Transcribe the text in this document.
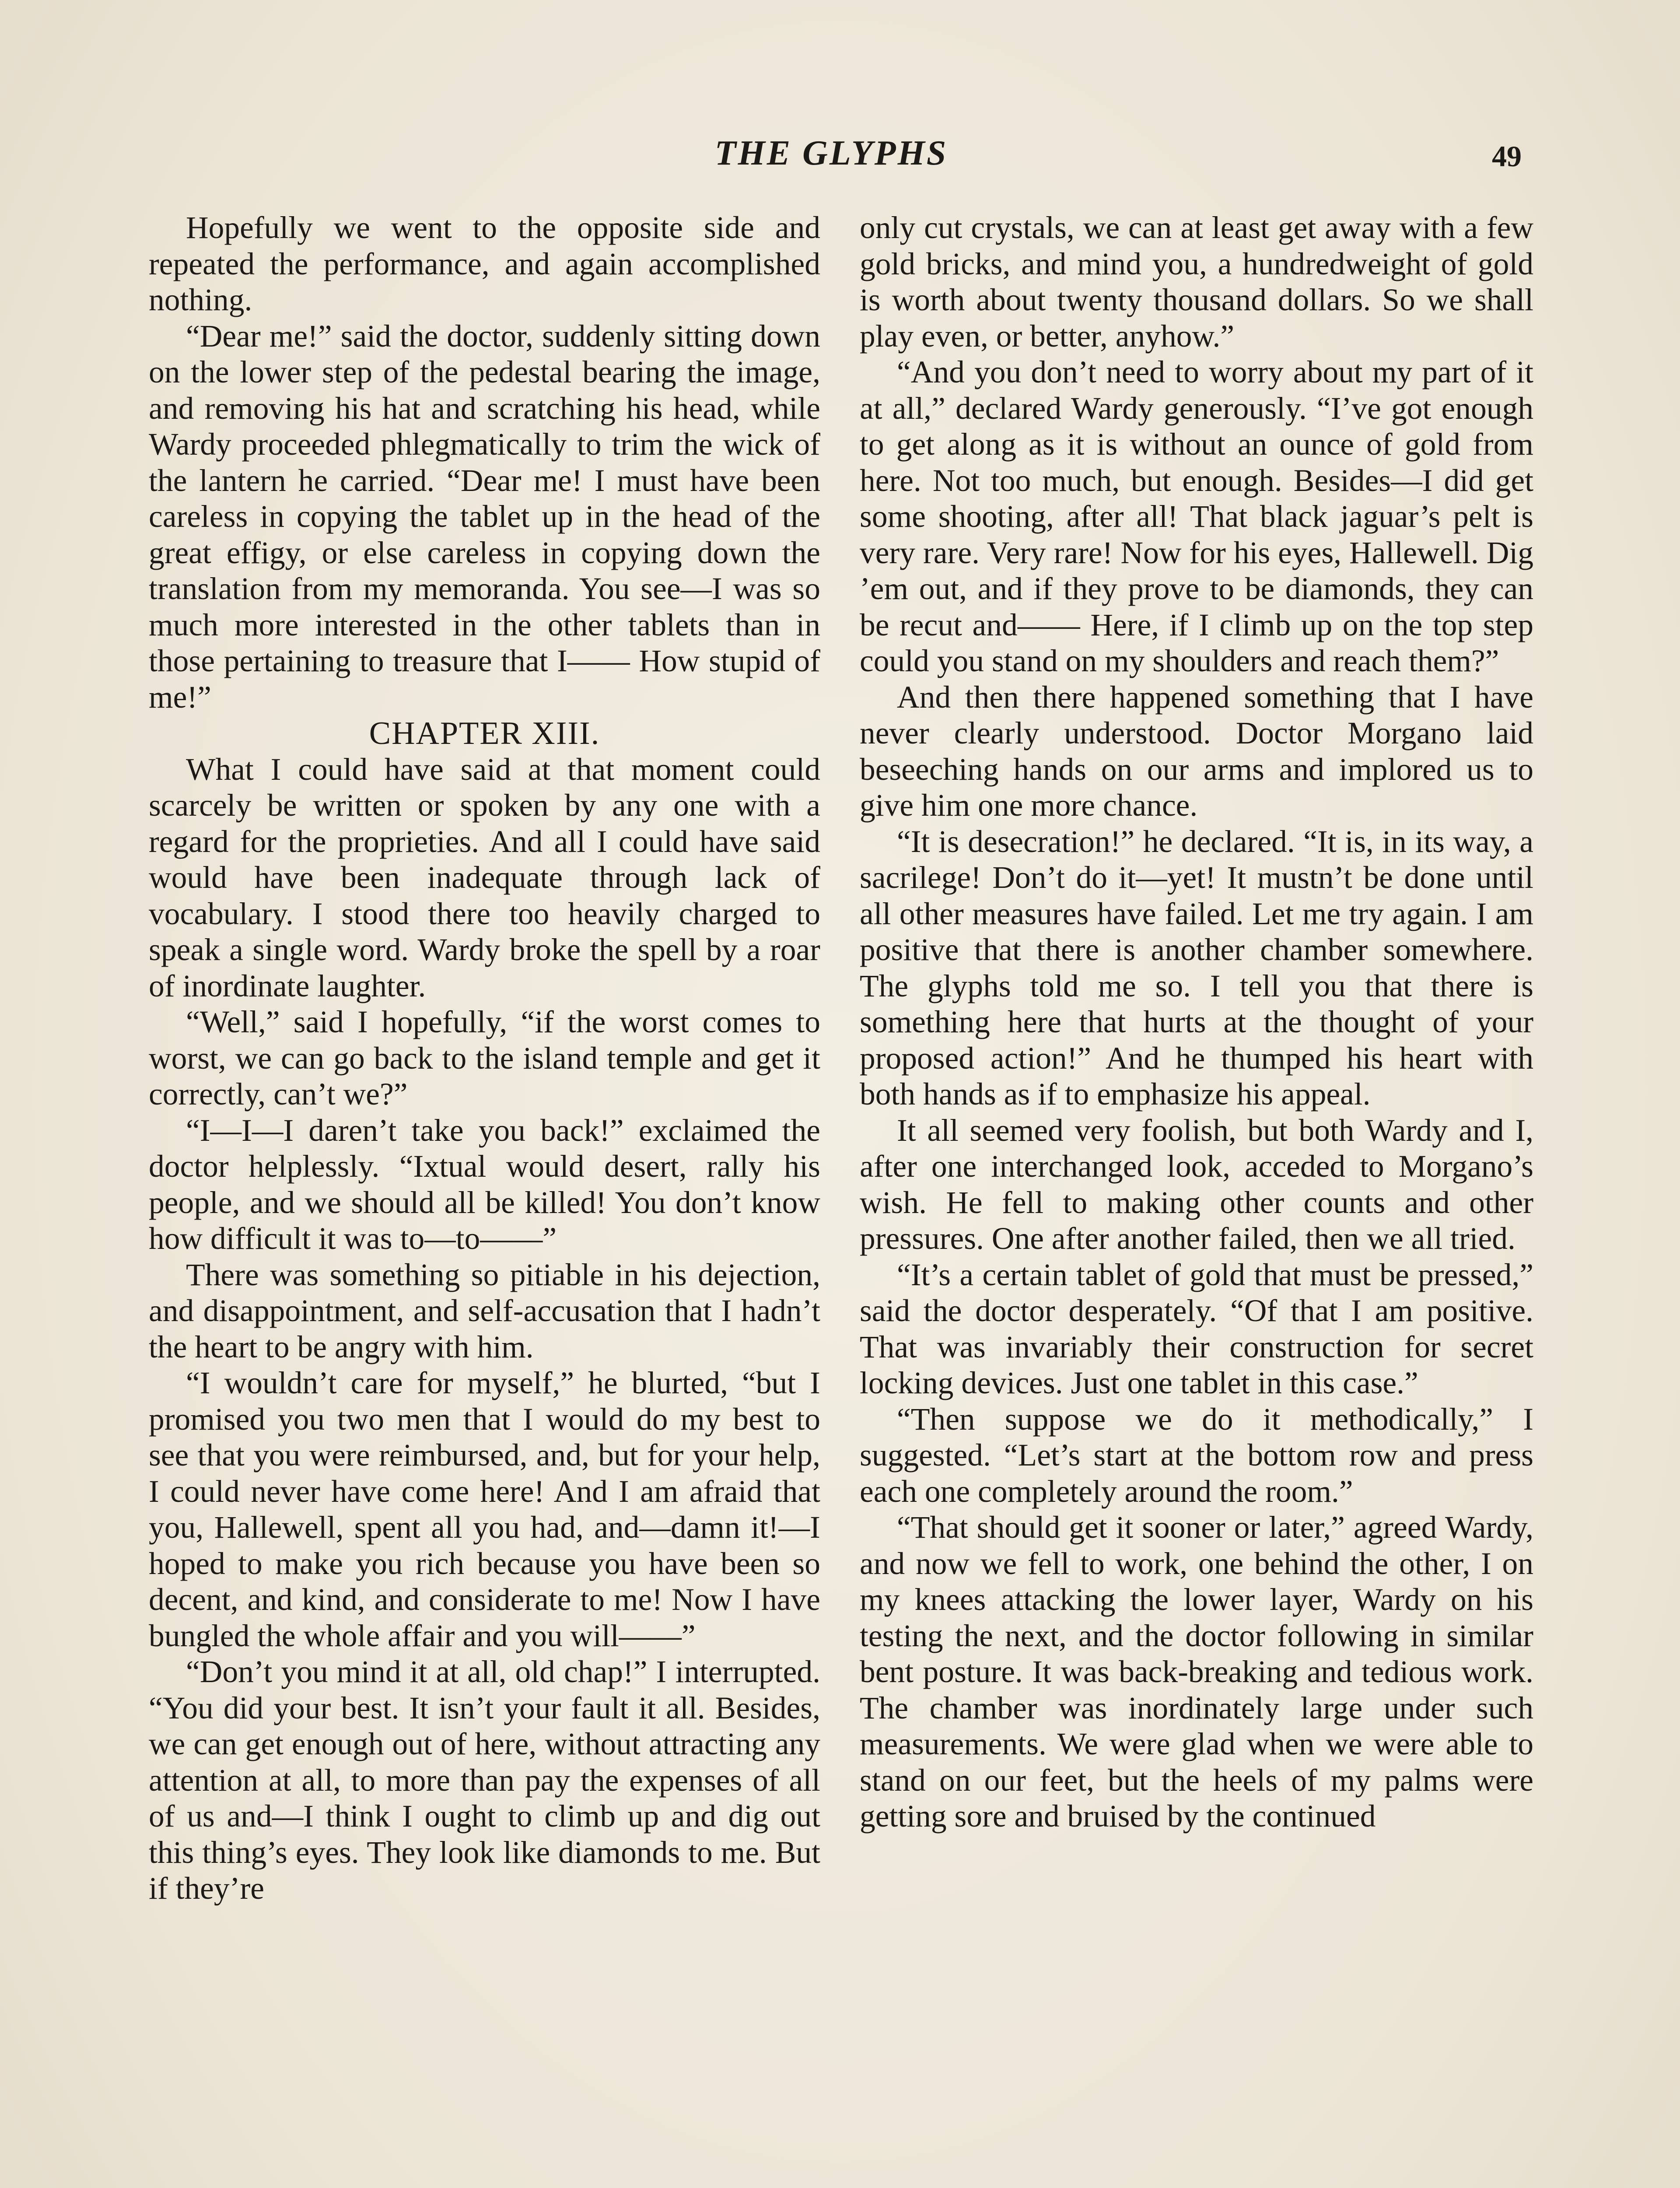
THE GLYPHS	49

Hopefully we went to the opposite side and repeated the performance, and again accomplished nothing.

“Dear me!” said the doctor, suddenly sitting down on the lower step of the pedestal bearing the image, and removing his hat and scratching his head, while Wardy proceeded phlegmatically to trim the wick of the lantern he carried. “Dear me! I must have been careless in copying the tablet up in the head of the great effigy, or else careless in copying down the translation from my memoranda. You see—I was so much more interested in the other tablets than in those pertaining to treasure that I—— How stupid of me!”

CHAPTER XIII.

What I could have said at that moment could scarcely be written or spoken by any one with a regard for the proprieties. And all I could have said would have been inadequate through lack of vocabulary. I stood there too heavily charged to speak a single word. Wardy broke the spell by a roar of inordinate laughter.

“Well,” said I hopefully, “if the worst comes to worst, we can go back to the island temple and get it correctly, can’t we?”

“I—I—I daren’t take you back!” exclaimed the doctor helplessly. “Ixtual would desert, rally his people, and we should all be killed! You don’t know how difficult it was to—to——”

There was something so pitiable in his dejection, and disappointment, and self-accusation that I hadn’t the heart to be angry with him.

“I wouldn’t care for myself,” he blurted, “but I promised you two men that I would do my best to see that you were reimbursed, and, but for your help, I could never have come here! And I am afraid that you, Hallewell, spent all you had, and—damn it!—I hoped to make you rich because you have been so decent, and kind, and considerate to me! Now I have bungled the whole affair and you will——”

“Don’t you mind it at all, old chap!” I interrupted. “You did your best. It isn’t your fault it all. Besides, we can get enough out of here, without attracting any attention at all, to more than pay the expenses of all of us and—I think I ought to climb up and dig out this thing’s eyes. They look like diamonds to me. But if they’re

only cut crystals, we can at least get away with a few gold bricks, and mind you, a hundredweight of gold is worth about twenty thousand dollars. So we shall play even, or better, anyhow.”

“And you don’t need to worry about my part of it at all,” declared Wardy generously. “I’ve got enough to get along as it is without an ounce of gold from here. Not too much, but enough. Besides—I did get some shooting, after all! That black jaguar’s pelt is very rare. Very rare! Now for his eyes, Hallewell. Dig ’em out, and if they prove to be diamonds, they can be recut and—— Here, if I climb up on the top step could you stand on my shoulders and reach them?”

And then there happened something that I have never clearly understood. Doctor Morgano laid beseeching hands on our arms and implored us to give him one more chance.

“It is desecration!” he declared. “It is, in its way, a sacrilege! Don’t do it—yet! It mustn’t be done until all other measures have failed. Let me try again. I am positive that there is another chamber somewhere. The glyphs told me so. I tell you that there is something here that hurts at the thought of your proposed action!” And he thumped his heart with both hands as if to emphasize his appeal.

It all seemed very foolish, but both Wardy and I, after one interchanged look, acceded to Morgano’s wish. He fell to making other counts and other pressures. One after another failed, then we all tried.

“It’s a certain tablet of gold that must be pressed,” said the doctor desperately. “Of that I am positive. That was invariably their construction for secret locking devices. Just one tablet in this case.”

“Then suppose we do it methodically,” I suggested. “Let’s start at the bottom row and press each one completely around the room.”

“That should get it sooner or later,” agreed Wardy, and now we fell to work, one behind the other, I on my knees attacking the lower layer, Wardy on his testing the next, and the doctor following in similar bent posture. It was back-breaking and tedious work. The chamber was inordinately large under such measurements. We were glad when we were able to stand on our feet, but the heels of my palms were getting sore and bruised by the continued
